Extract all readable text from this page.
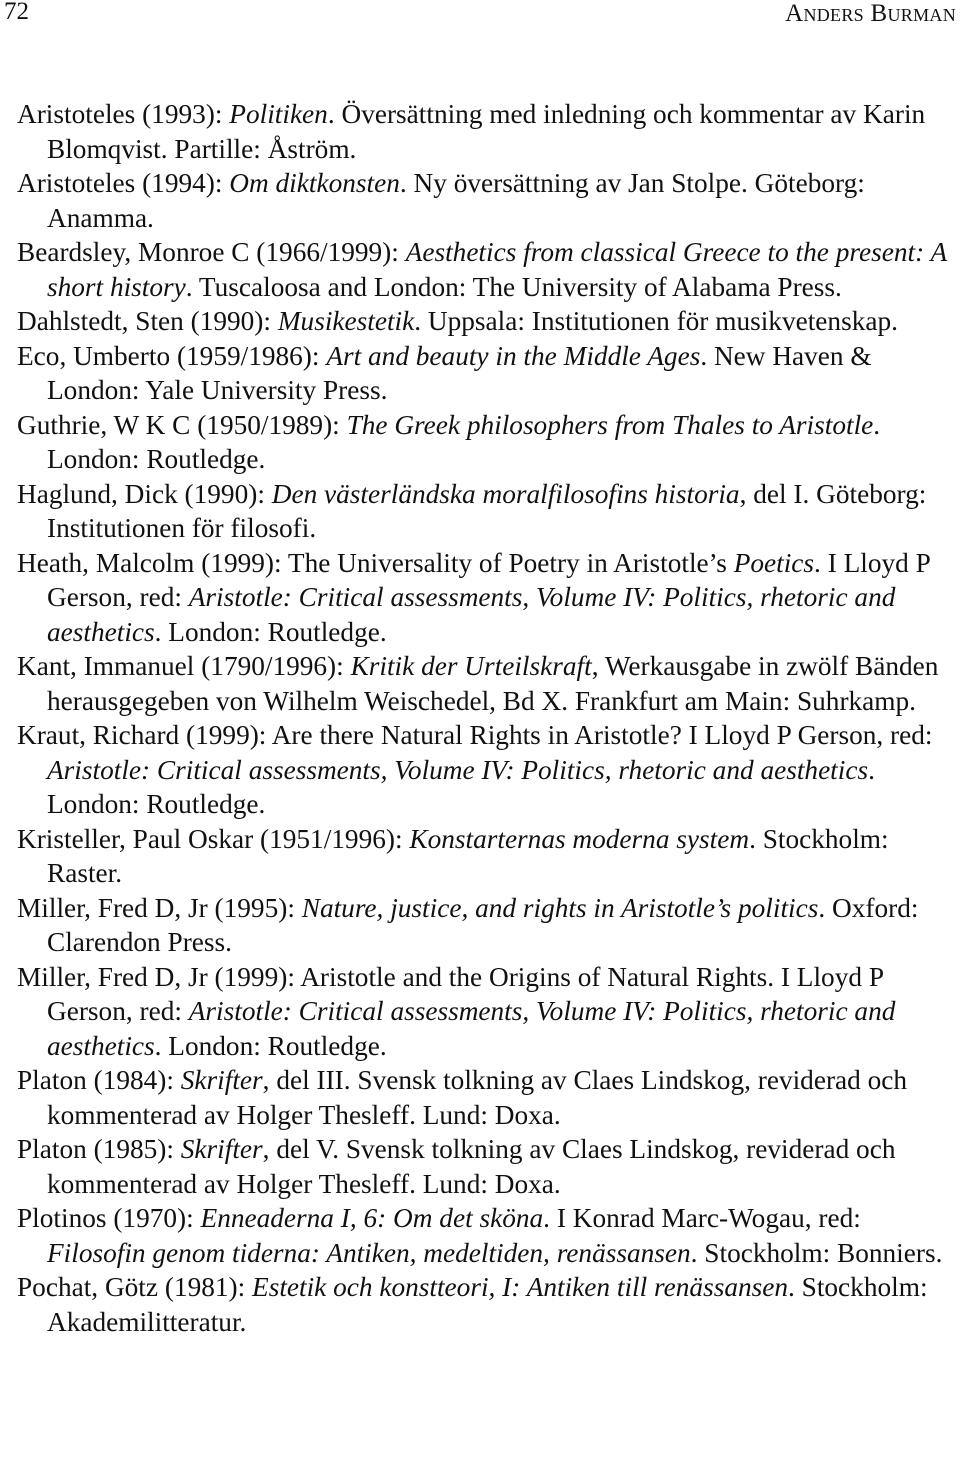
72	Anders Burman
Aristoteles (1993): Politiken. Översättning med inledning och kommentar av Karin Blomqvist. Partille: Åström.
Aristoteles (1994): Om diktkonsten. Ny översättning av Jan Stolpe. Göteborg: Anamma.
Beardsley, Monroe C (1966/1999): Aesthetics from classical Greece to the present: A short history. Tuscaloosa and London: The University of Alabama Press.
Dahlstedt, Sten (1990): Musikestetik. Uppsala: Institutionen för musikvetenskap.
Eco, Umberto (1959/1986): Art and beauty in the Middle Ages. New Haven & London: Yale University Press.
Guthrie, W K C (1950/1989): The Greek philosophers from Thales to Aristotle. London: Routledge.
Haglund, Dick (1990): Den västerländska moralfilosofins historia, del I. Göteborg: Institutionen för filosofi.
Heath, Malcolm (1999): The Universality of Poetry in Aristotle’s Poetics. I Lloyd P Gerson, red: Aristotle: Critical assessments, Volume IV: Politics, rhetoric and aesthetics. London: Routledge.
Kant, Immanuel (1790/1996): Kritik der Urteilskraft, Werkausgabe in zwölf Bänden herausgegeben von Wilhelm Weischedel, Bd X. Frankfurt am Main: Suhrkamp.
Kraut, Richard (1999): Are there Natural Rights in Aristotle? I Lloyd P Gerson, red: Aristotle: Critical assessments, Volume IV: Politics, rhetoric and aesthetics. London: Routledge.
Kristeller, Paul Oskar (1951/1996): Konstarternas moderna system. Stockholm: Raster.
Miller, Fred D, Jr (1995): Nature, justice, and rights in Aristotle’s politics. Oxford: Clarendon Press.
Miller, Fred D, Jr (1999): Aristotle and the Origins of Natural Rights. I Lloyd P Gerson, red: Aristotle: Critical assessments, Volume IV: Politics, rhetoric and aesthetics. London: Routledge.
Platon (1984): Skrifter, del III. Svensk tolkning av Claes Lindskog, reviderad och kommenterad av Holger Thesleff. Lund: Doxa.
Platon (1985): Skrifter, del V. Svensk tolkning av Claes Lindskog, reviderad och kommenterad av Holger Thesleff. Lund: Doxa.
Plotinos (1970): Enneaderna I, 6: Om det sköna. I Konrad Marc-Wogau, red: Filosofin genom tiderna: Antiken, medeltiden, renässansen. Stockholm: Bonniers.
Pochat, Götz (1981): Estetik och konstteori, I: Antiken till renässansen. Stockholm: Akademilitteratur.
